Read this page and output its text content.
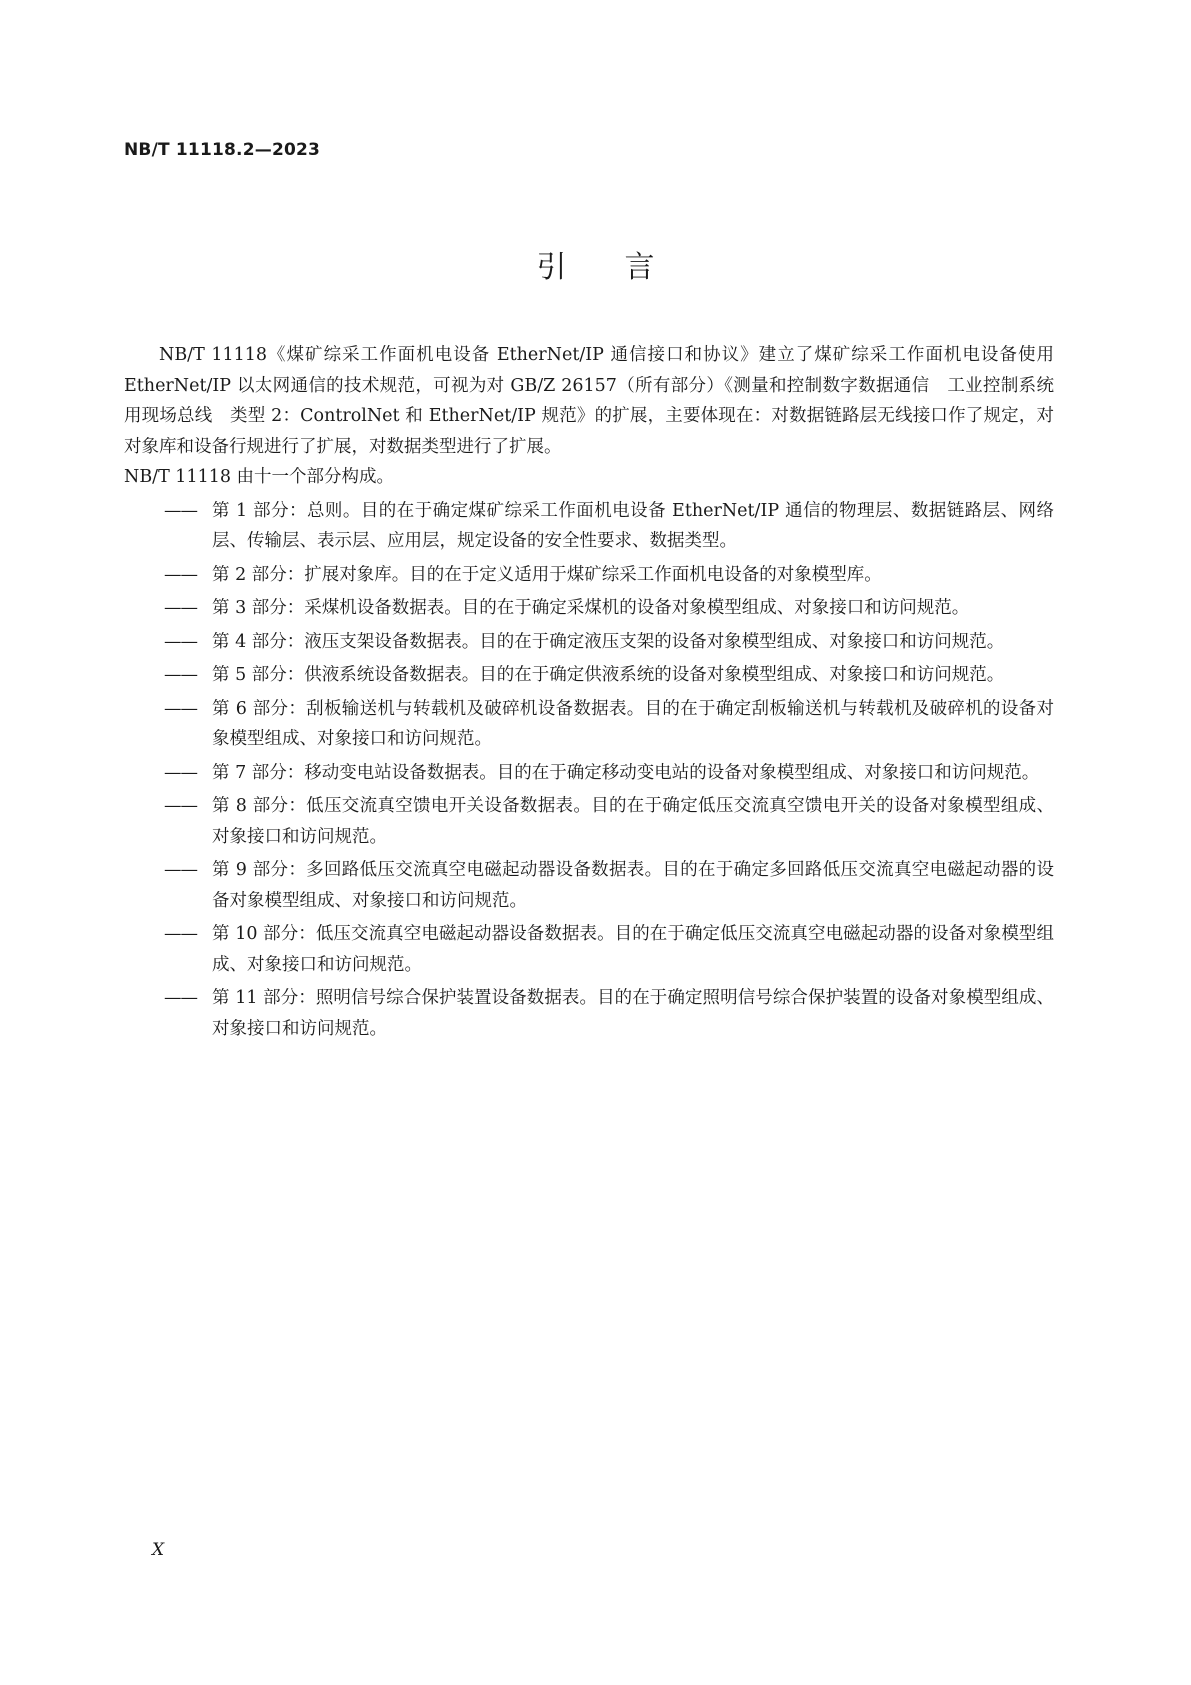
NB/T 11118.2—2023
引言

NB/T 11118《煤矿综采工作面机电设备 EtherNet/IP 通信接口和协议》建立了煤矿综采工作面机电设备使用 EtherNet/IP 以太网通信的技术规范，可视为对 GB/Z 26157（所有部分）《测量和控制数字数据通信　工业控制系统用现场总线　类型 2：ControlNet 和 EtherNet/IP 规范》的扩展，主要体现在：对数据链路层无线接口作了规定，对对象库和设备行规进行了扩展，对数据类型进行了扩展。

NB/T 11118 由十一个部分构成。

—— 第 1 部分：总则。目的在于确定煤矿综采工作面机电设备 EtherNet/IP 通信的物理层、数据链路层、网络层、传输层、表示层、应用层，规定设备的安全性要求、数据类型。
—— 第 2 部分：扩展对象库。目的在于定义适用于煤矿综采工作面机电设备的对象模型库。
—— 第 3 部分：采煤机设备数据表。目的在于确定采煤机的设备对象模型组成、对象接口和访问规范。
—— 第 4 部分：液压支架设备数据表。目的在于确定液压支架的设备对象模型组成、对象接口和访问规范。
—— 第 5 部分：供液系统设备数据表。目的在于确定供液系统的设备对象模型组成、对象接口和访问规范。
—— 第 6 部分：刮板输送机与转载机及破碎机设备数据表。目的在于确定刮板输送机与转载机及破碎机的设备对象模型组成、对象接口和访问规范。
—— 第 7 部分：移动变电站设备数据表。目的在于确定移动变电站的设备对象模型组成、对象接口和访问规范。
—— 第 8 部分：低压交流真空馈电开关设备数据表。目的在于确定低压交流真空馈电开关的设备对象模型组成、对象接口和访问规范。
—— 第 9 部分：多回路低压交流真空电磁起动器设备数据表。目的在于确定多回路低压交流真空电磁起动器的设备对象模型组成、对象接口和访问规范。
—— 第 10 部分：低压交流真空电磁起动器设备数据表。目的在于确定低压交流真空电磁起动器的设备对象模型组成、对象接口和访问规范。
—— 第 11 部分：照明信号综合保护装置设备数据表。目的在于确定照明信号综合保护装置的设备对象模型组成、对象接口和访问规范。
X
